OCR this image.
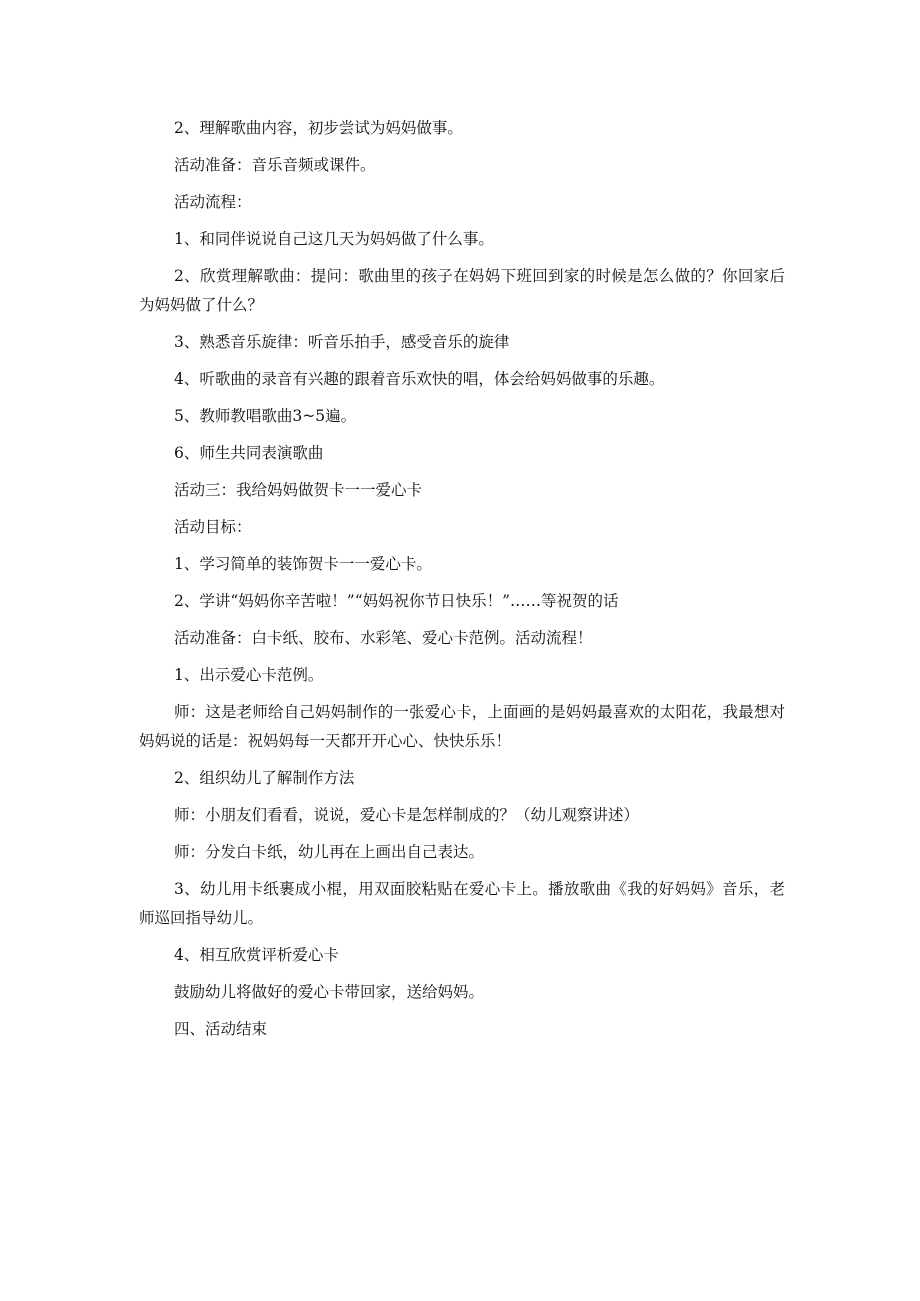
2、理解歌曲内容，初步尝试为妈妈做事。

活动准备：音乐音频或课件。

活动流程：

1、和同伴说说自己这几天为妈妈做了什么事。

2、欣赏理解歌曲：提问：歌曲里的孩子在妈妈下班回到家的时候是怎么做的？你回家后为妈妈做了什么？

3、熟悉音乐旋律：听音乐拍手，感受音乐的旋律

4、听歌曲的录音有兴趣的跟着音乐欢快的唱，体会给妈妈做事的乐趣。

5、教师教唱歌曲3~5遍。

6、师生共同表演歌曲

活动三：我给妈妈做贺卡一一爱心卡

活动目标：

1、学习简单的装饰贺卡一一爱心卡。

2、学讲“妈妈你辛苦啦！”“妈妈祝你节日快乐！”……等祝贺的话

活动准备：白卡纸、胶布、水彩笔、爱心卡范例。活动流程！

1、出示爱心卡范例。

师：这是老师给自己妈妈制作的一张爱心卡，上面画的是妈妈最喜欢的太阳花，我最想对妈妈说的话是：祝妈妈每一天都开开心心、快快乐乐！

2、组织幼儿了解制作方法

师：小朋友们看看，说说，爱心卡是怎样制成的？（幼儿观察讲述）

师：分发白卡纸，幼儿再在上画出自己表达。

3、幼儿用卡纸裹成小棍，用双面胶粘贴在爱心卡上。播放歌曲《我的好妈妈》音乐，老师巡回指导幼儿。

4、相互欣赏评析爱心卡

鼓励幼儿将做好的爱心卡带回家，送给妈妈。

四、活动结束
